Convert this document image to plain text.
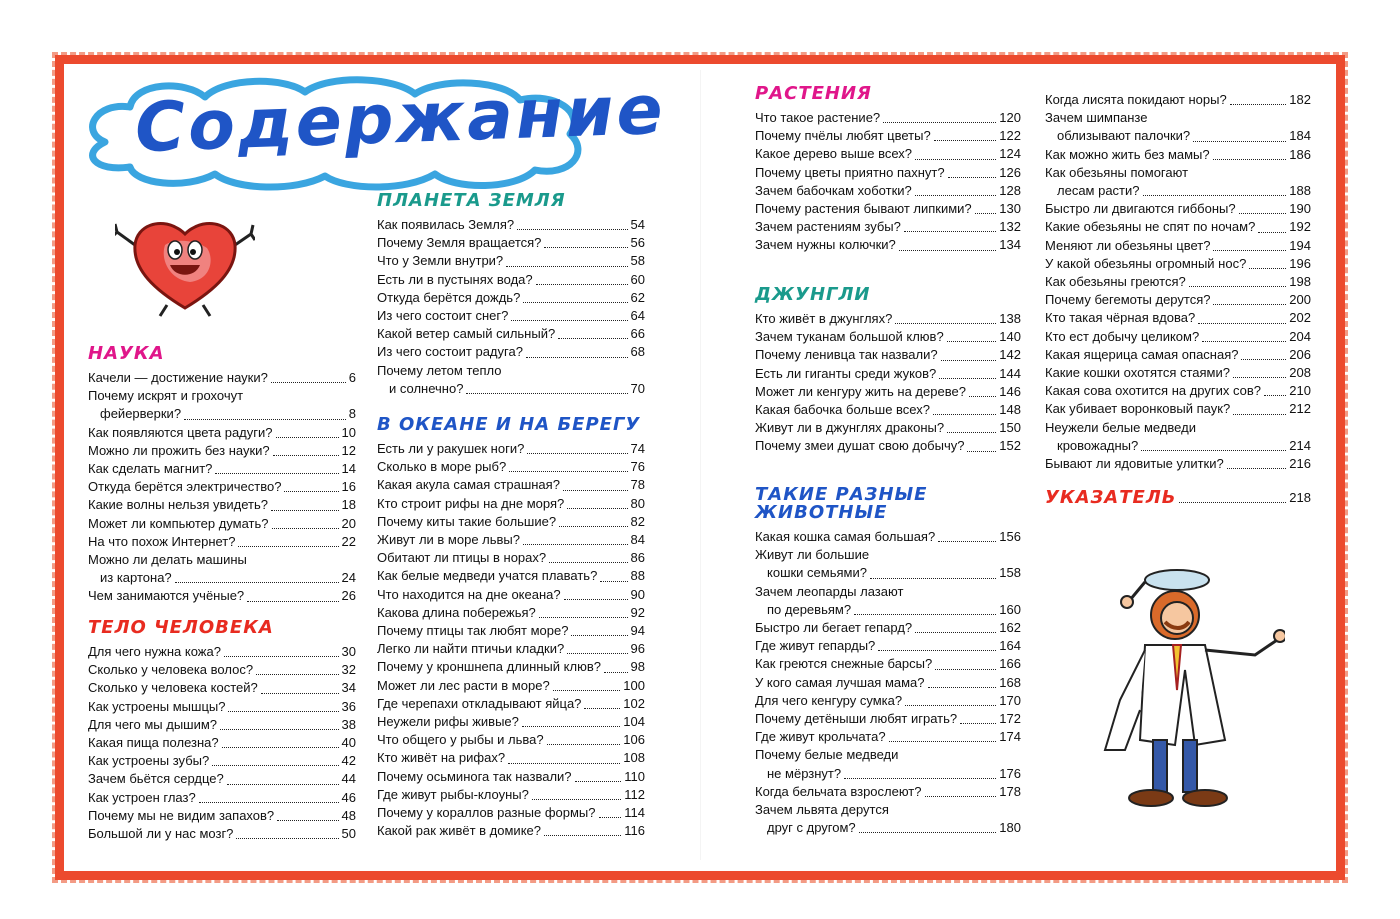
Содержание
НАУКА
Качели — достижение науки?	6
Почему искрят и грохочут
фейерверки?	8
Как появляются цвета радуги?	10
Можно ли прожить без науки?	12
Как сделать магнит?	14
Откуда берётся электричество?	16
Какие волны нельзя увидеть?	18
Может ли компьютер думать?	20
На что похож Интернет?	22
Можно ли делать машины
из картона?	24
Чем занимаются учёные?	26
ТЕЛО ЧЕЛОВЕКА
Для чего нужна кожа?	30
Сколько у человека волос?	32
Сколько у человека костей?	34
Как устроены мышцы?	36
Для чего мы дышим?	38
Какая пища полезна?	40
Как устроены зубы?	42
Зачем бьётся сердце?	44
Как устроен глаз?	46
Почему мы не видим запахов?	48
Большой ли у нас мозг?	50
ПЛАНЕТА ЗЕМЛЯ
Как появилась Земля?	54
Почему Земля вращается?	56
Что у Земли внутри?	58
Есть ли в пустынях вода?	60
Откуда берётся дождь?	62
Из чего состоит снег?	64
Какой ветер самый сильный?	66
Из чего состоит радуга?	68
Почему летом тепло
и солнечно?	70
В ОКЕАНЕ И НА БЕРЕГУ
Есть ли у ракушек ноги?	74
Сколько в море рыб?	76
Какая акула самая страшная?	78
Кто строит рифы на дне моря?	80
Почему киты такие большие?	82
Живут ли в море львы?	84
Обитают ли птицы в норах?	86
Как белые медведи учатся плавать?	88
Что находится на дне океана?	90
Какова длина побережья?	92
Почему птицы так любят море?	94
Легко ли найти птичьи кладки?	96
Почему у кроншнепа длинный клюв? 98
Может ли лес расти в море?	100
Где черепахи откладывают яйца?	102
Неужели рифы живые?	104
Что общего у рыбы и льва?	106
Кто живёт на рифах?	108
Почему осьминога так назвали?	110
Где живут рыбы-клоуны?	112
Почему у кораллов разные формы? 114
Какой рак живёт в домике?	116
РАСТЕНИЯ
Что такое растение?	120
Почему пчёлы любят цветы?	122
Какое дерево выше всех?	124
Почему цветы приятно пахнут?	126
Зачем бабочкам хоботки?	128
Почему растения бывают липкими? 130
Зачем растениям зубы?	132
Зачем нужны колючки?	134
ДЖУНГЛИ
Кто живёт в джунглях?	138
Зачем туканам большой клюв?	140
Почему ленивца так назвали?	142
Есть ли гиганты среди жуков?	144
Может ли кенгуру жить на дереве?	146
Какая бабочка больше всех?	148
Живут ли в джунглях драконы?	150
Почему змеи душат свою добычу?	152
ТАКИЕ РАЗНЫЕ
ЖИВОТНЫЕ
Какая кошка самая большая?	156
Живут ли большие
кошки семьями?	158
Зачем леопарды лазают
по деревьям?	160
Быстро ли бегает гепард?	162
Где живут гепарды?	164
Как греются снежные барсы?	166
У кого самая лучшая мама?	168
Для чего кенгуру сумка?	170
Почему детёныши любят играть?	172
Где живут крольчата?	174
Почему белые медведи
не мёрзнут?	176
Когда бельчата взрослеют?	178
Зачем львята дерутся
друг с другом?	180
Когда лисята покидают норы?	182
Зачем шимпанзе
облизывают палочки?	184
Как можно жить без мамы?	186
Как обезьяны помогают
лесам расти?	188
Быстро ли двигаются гиббоны?	190
Какие обезьяны не спят по ночам?	192
Меняют ли обезьяны цвет?	194
У какой обезьяны огромный нос?	196
Как обезьяны греются?	198
Почему бегемоты дерутся?	200
Кто такая чёрная вдова?	202
Кто ест добычу целиком?	204
Какая ящерица самая опасная?	206
Какие кошки охотятся стаями?	208
Какая сова охотится на других сов? 210
Как убивает воронковый паук?	212
Неужели белые медведи
кровожадны?	214
Бывают ли ядовитые улитки?	216
УКАЗАТЕЛЬ	218
